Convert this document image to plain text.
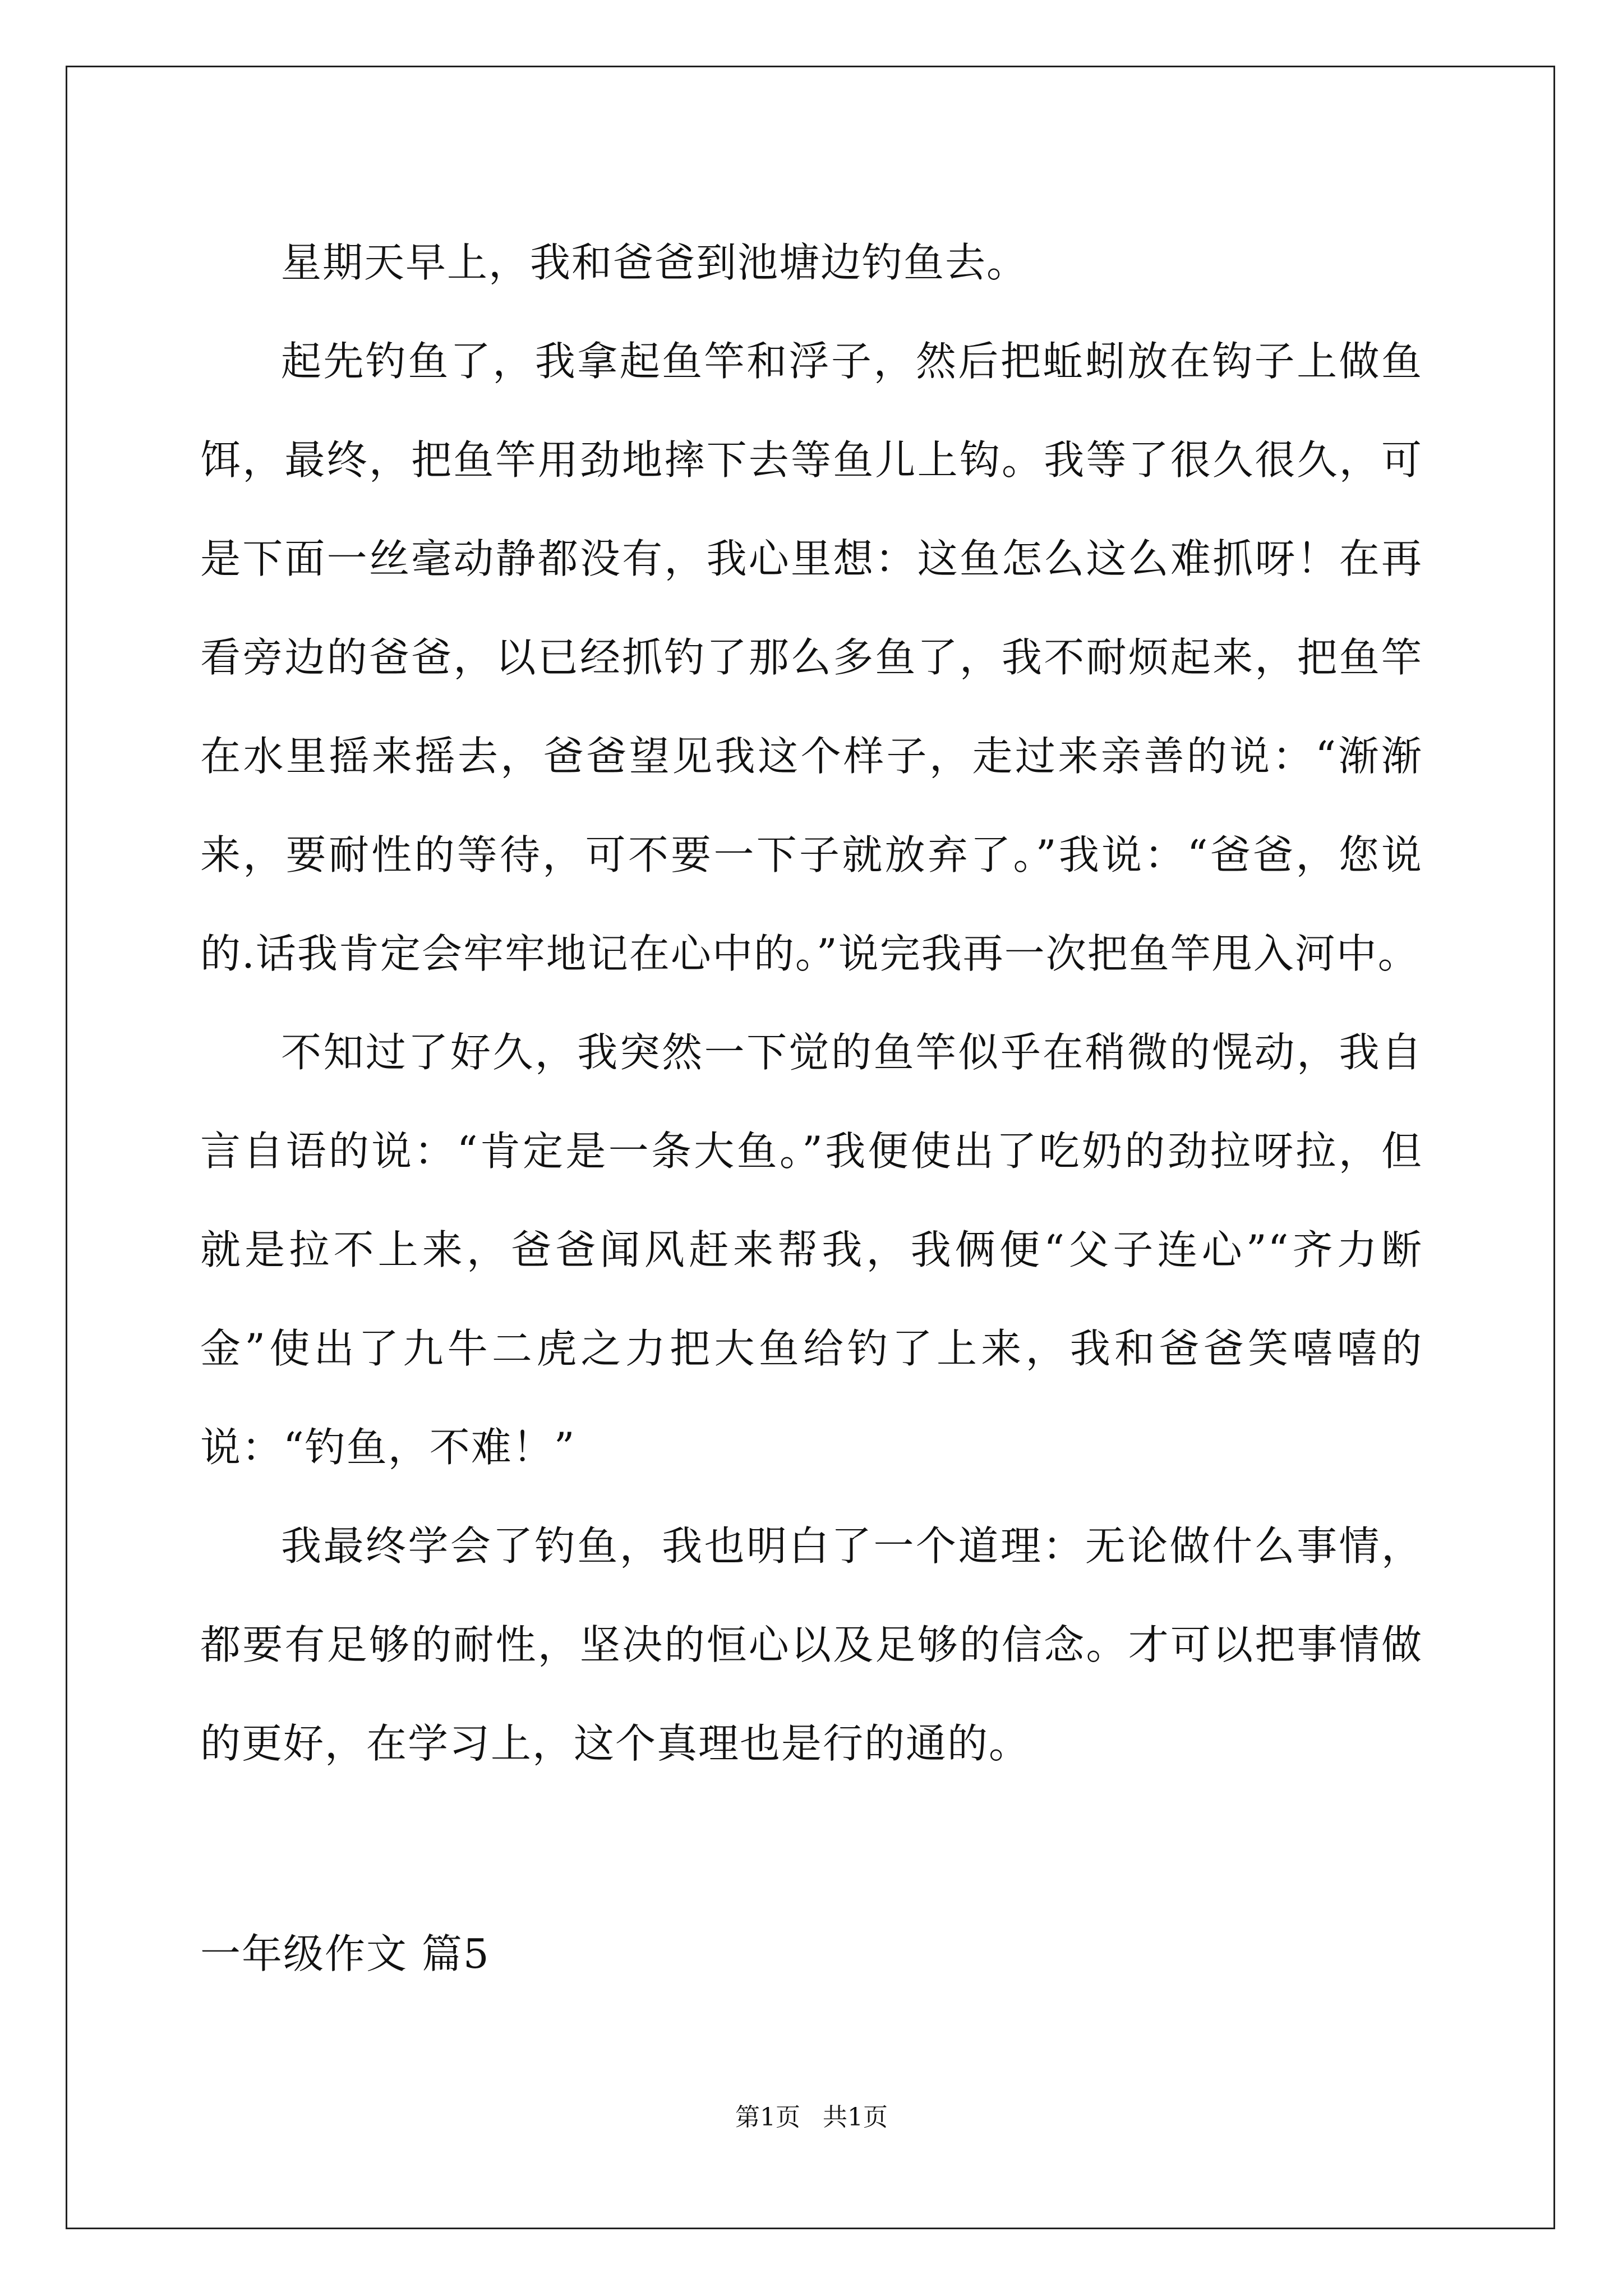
星期天早上，我和爸爸到池塘边钓鱼去。

起先钓鱼了，我拿起鱼竿和浮子，然后把蚯蚓放在钩子上做鱼饵，最终，把鱼竿用劲地摔下去等鱼儿上钩。我等了很久很久，可是下面一丝毫动静都没有，我心里想：这鱼怎么这么难抓呀！在再看旁边的爸爸，以已经抓钓了那么多鱼了，我不耐烦起来，把鱼竿在水里摇来摇去，爸爸望见我这个样子，走过来亲善的说：“渐渐来，要耐性的等待，可不要一下子就放弃了。”我说：“爸爸，您说的.话我肯定会牢牢地记在心中的。”说完我再一次把鱼竿甩入河中。

不知过了好久，我突然一下觉的鱼竿似乎在稍微的愰动，我自言自语的说：“肯定是一条大鱼。”我便使出了吃奶的劲拉呀拉，但就是拉不上来，爸爸闻风赶来帮我，我俩便“父子连心”“齐力断金”使出了九牛二虎之力把大鱼给钓了上来，我和爸爸笑嘻嘻的说：“钓鱼，不难！”

我最终学会了钓鱼，我也明白了一个道理：无论做什么事情，都要有足够的耐性，坚决的恒心以及足够的信念。才可以把事情做的更好，在学习上，这个真理也是行的通的。

一年级作文 篇5
第1页 共1页
